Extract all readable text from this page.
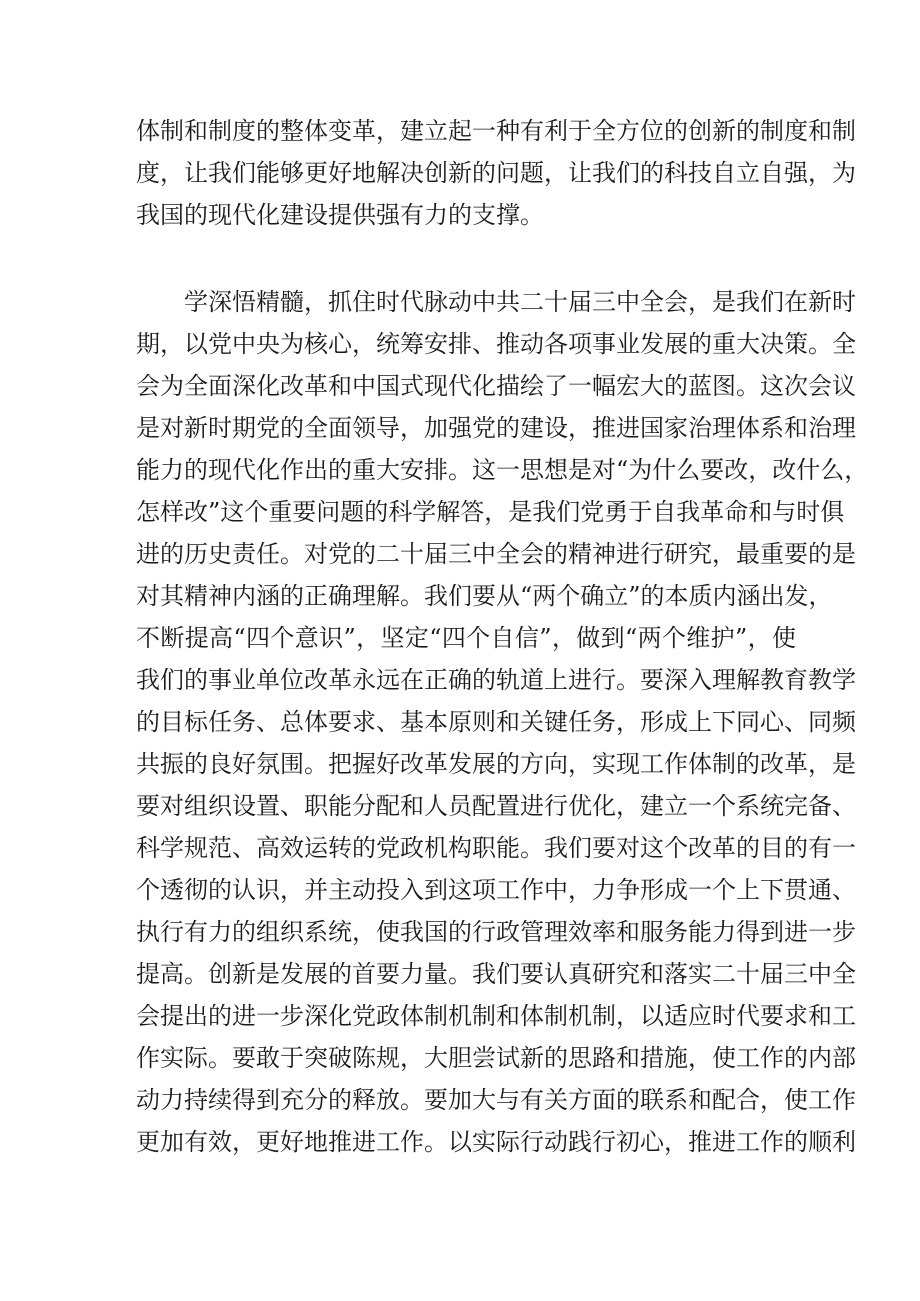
体制和制度的整体变革，建立起一种有利于全方位的创新的制度和制
度，让我们能够更好地解决创新的问题，让我们的科技自立自强，为
我国的现代化建设提供强有力的支撑。
学深悟精髓，抓住时代脉动中共二十届三中全会，是我们在新时
期，以党中央为核心，统筹安排、推动各项事业发展的重大决策。全
会为全面深化改革和中国式现代化描绘了一幅宏大的蓝图。这次会议
是对新时期党的全面领导，加强党的建设，推进国家治理体系和治理
能力的现代化作出的重大安排。这一思想是对“为什么要改，改什么，
怎样改”这个重要问题的科学解答，是我们党勇于自我革命和与时俱
进的历史责任。对党的二十届三中全会的精神进行研究，最重要的是
对其精神内涵的正确理解。我们要从“两个确立”的本质内涵出发，
不断提高“四个意识”，坚定“四个自信”，做到“两个维护”，使
我们的事业单位改革永远在正确的轨道上进行。要深入理解教育教学
的目标任务、总体要求、基本原则和关键任务，形成上下同心、同频
共振的良好氛围。把握好改革发展的方向，实现工作体制的改革，是
要对组织设置、职能分配和人员配置进行优化，建立一个系统完备、
科学规范、高效运转的党政机构职能。我们要对这个改革的目的有一
个透彻的认识，并主动投入到这项工作中，力争形成一个上下贯通、
执行有力的组织系统，使我国的行政管理效率和服务能力得到进一步
提高。创新是发展的首要力量。我们要认真研究和落实二十届三中全
会提出的进一步深化党政体制机制和体制机制，以适应时代要求和工
作实际。要敢于突破陈规，大胆尝试新的思路和措施，使工作的内部
动力持续得到充分的释放。要加大与有关方面的联系和配合，使工作
更加有效，更好地推进工作。以实际行动践行初心，推进工作的顺利
